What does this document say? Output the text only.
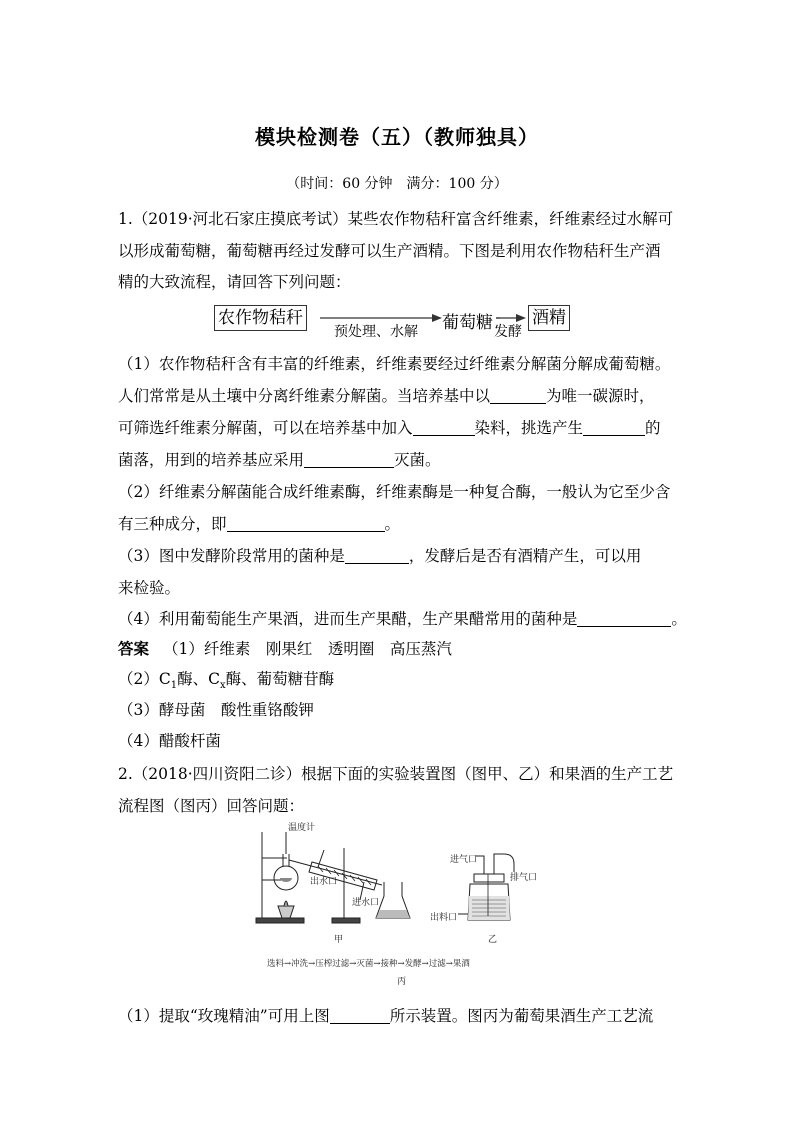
模块检测卷（五）（教师独具）
（时间：60 分钟　满分：100 分）
1.（2019·河北石家庄摸底考试）某些农作物秸秆富含纤维素，纤维素经过水解可
以形成葡萄糖，葡萄糖再经过发酵可以生产酒精。下图是利用农作物秸秆生产酒
精的大致流程，请回答下列问题：
农作物秸秆
预处理、水解 葡萄糖 发酵
酒精
（1）农作物秸秆含有丰富的纤维素，纤维素要经过纤维素分解菌分解成葡萄糖。
人们常常是从土壤中分离纤维素分解菌。当培养基中以	为唯一碳源时，
可筛选纤维素分解菌，可以在培养基中加入	染料，挑选产生	的
菌落，用到的培养基应采用	灭菌。
（2）纤维素分解菌能合成纤维素酶，纤维素酶是一种复合酶，一般认为它至少含
有三种成分，即	。
（3）图中发酵阶段常用的菌种是	，发酵后是否有酒精产生，可以用
来检验。
（4）利用葡萄能生产果酒，进而生产果醋，生产果醋常用的菌种是	。
答案 （1）纤维素　刚果红　透明圈　高压蒸汽
$(2)C_1$酶、$C_x$酶、葡萄糖苷酶
（3）酵母菌　酸性重铬酸钾
（4）醋酸杆菌
2.（2018·四川资阳二诊）根据下面的实验装置图（图甲、乙）和果酒的生产工艺
流程图（图丙）回答问题：
温度计
出水口
进水口
甲
进气口
排气口
出料口
乙
选料→冲洗→压榨过滤→灭菌→接种→发酵→过滤→果酒
丙
（1）提取“玫瑰精油”可用上图	所示装置。图丙为葡萄果酒生产工艺流
